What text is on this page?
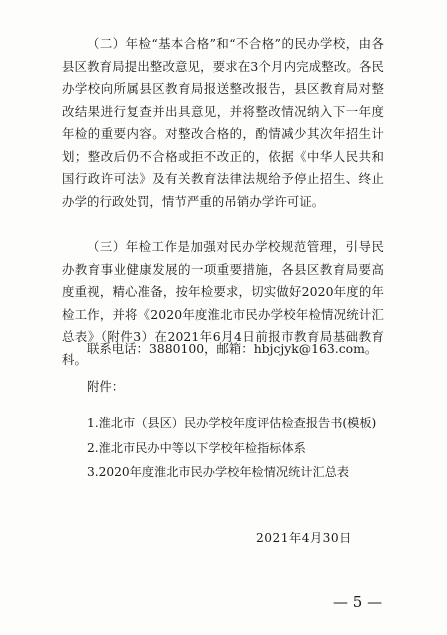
（二）年检“基本合格”和“不合格”的民办学校，由各县区教育局提出整改意见，要求在3个月内完成整改。各民办学校向所属县区教育局报送整改报告，县区教育局对整改结果进行复查并出具意见，并将整改情况纳入下一年度年检的重要内容。对整改合格的，酌情减少其次年招生计划；整改后仍不合格或拒不改正的，依据《中华人民共和国行政许可法》及有关教育法律法规给予停止招生、终止办学的行政处罚，情节严重的吊销办学许可证。

（三）年检工作是加强对民办学校规范管理，引导民办教育事业健康发展的一项重要措施，各县区教育局要高度重视，精心准备，按年检要求，切实做好2020年度的年检工作，并将《2020年度淮北市民办学校年检情况统计汇总表》（附件3）在2021年6月4日前报市教育局基础教育科。

联系电话：3880100，邮箱：hbjcjyk@163.com。

附件：

1.淮北市（县区）民办学校年度评估检查报告书(模板)
2.淮北市民办中等以下学校年检指标体系
3.2020年度淮北市民办学校年检情况统计汇总表

2021年4月30日

— 5 —
